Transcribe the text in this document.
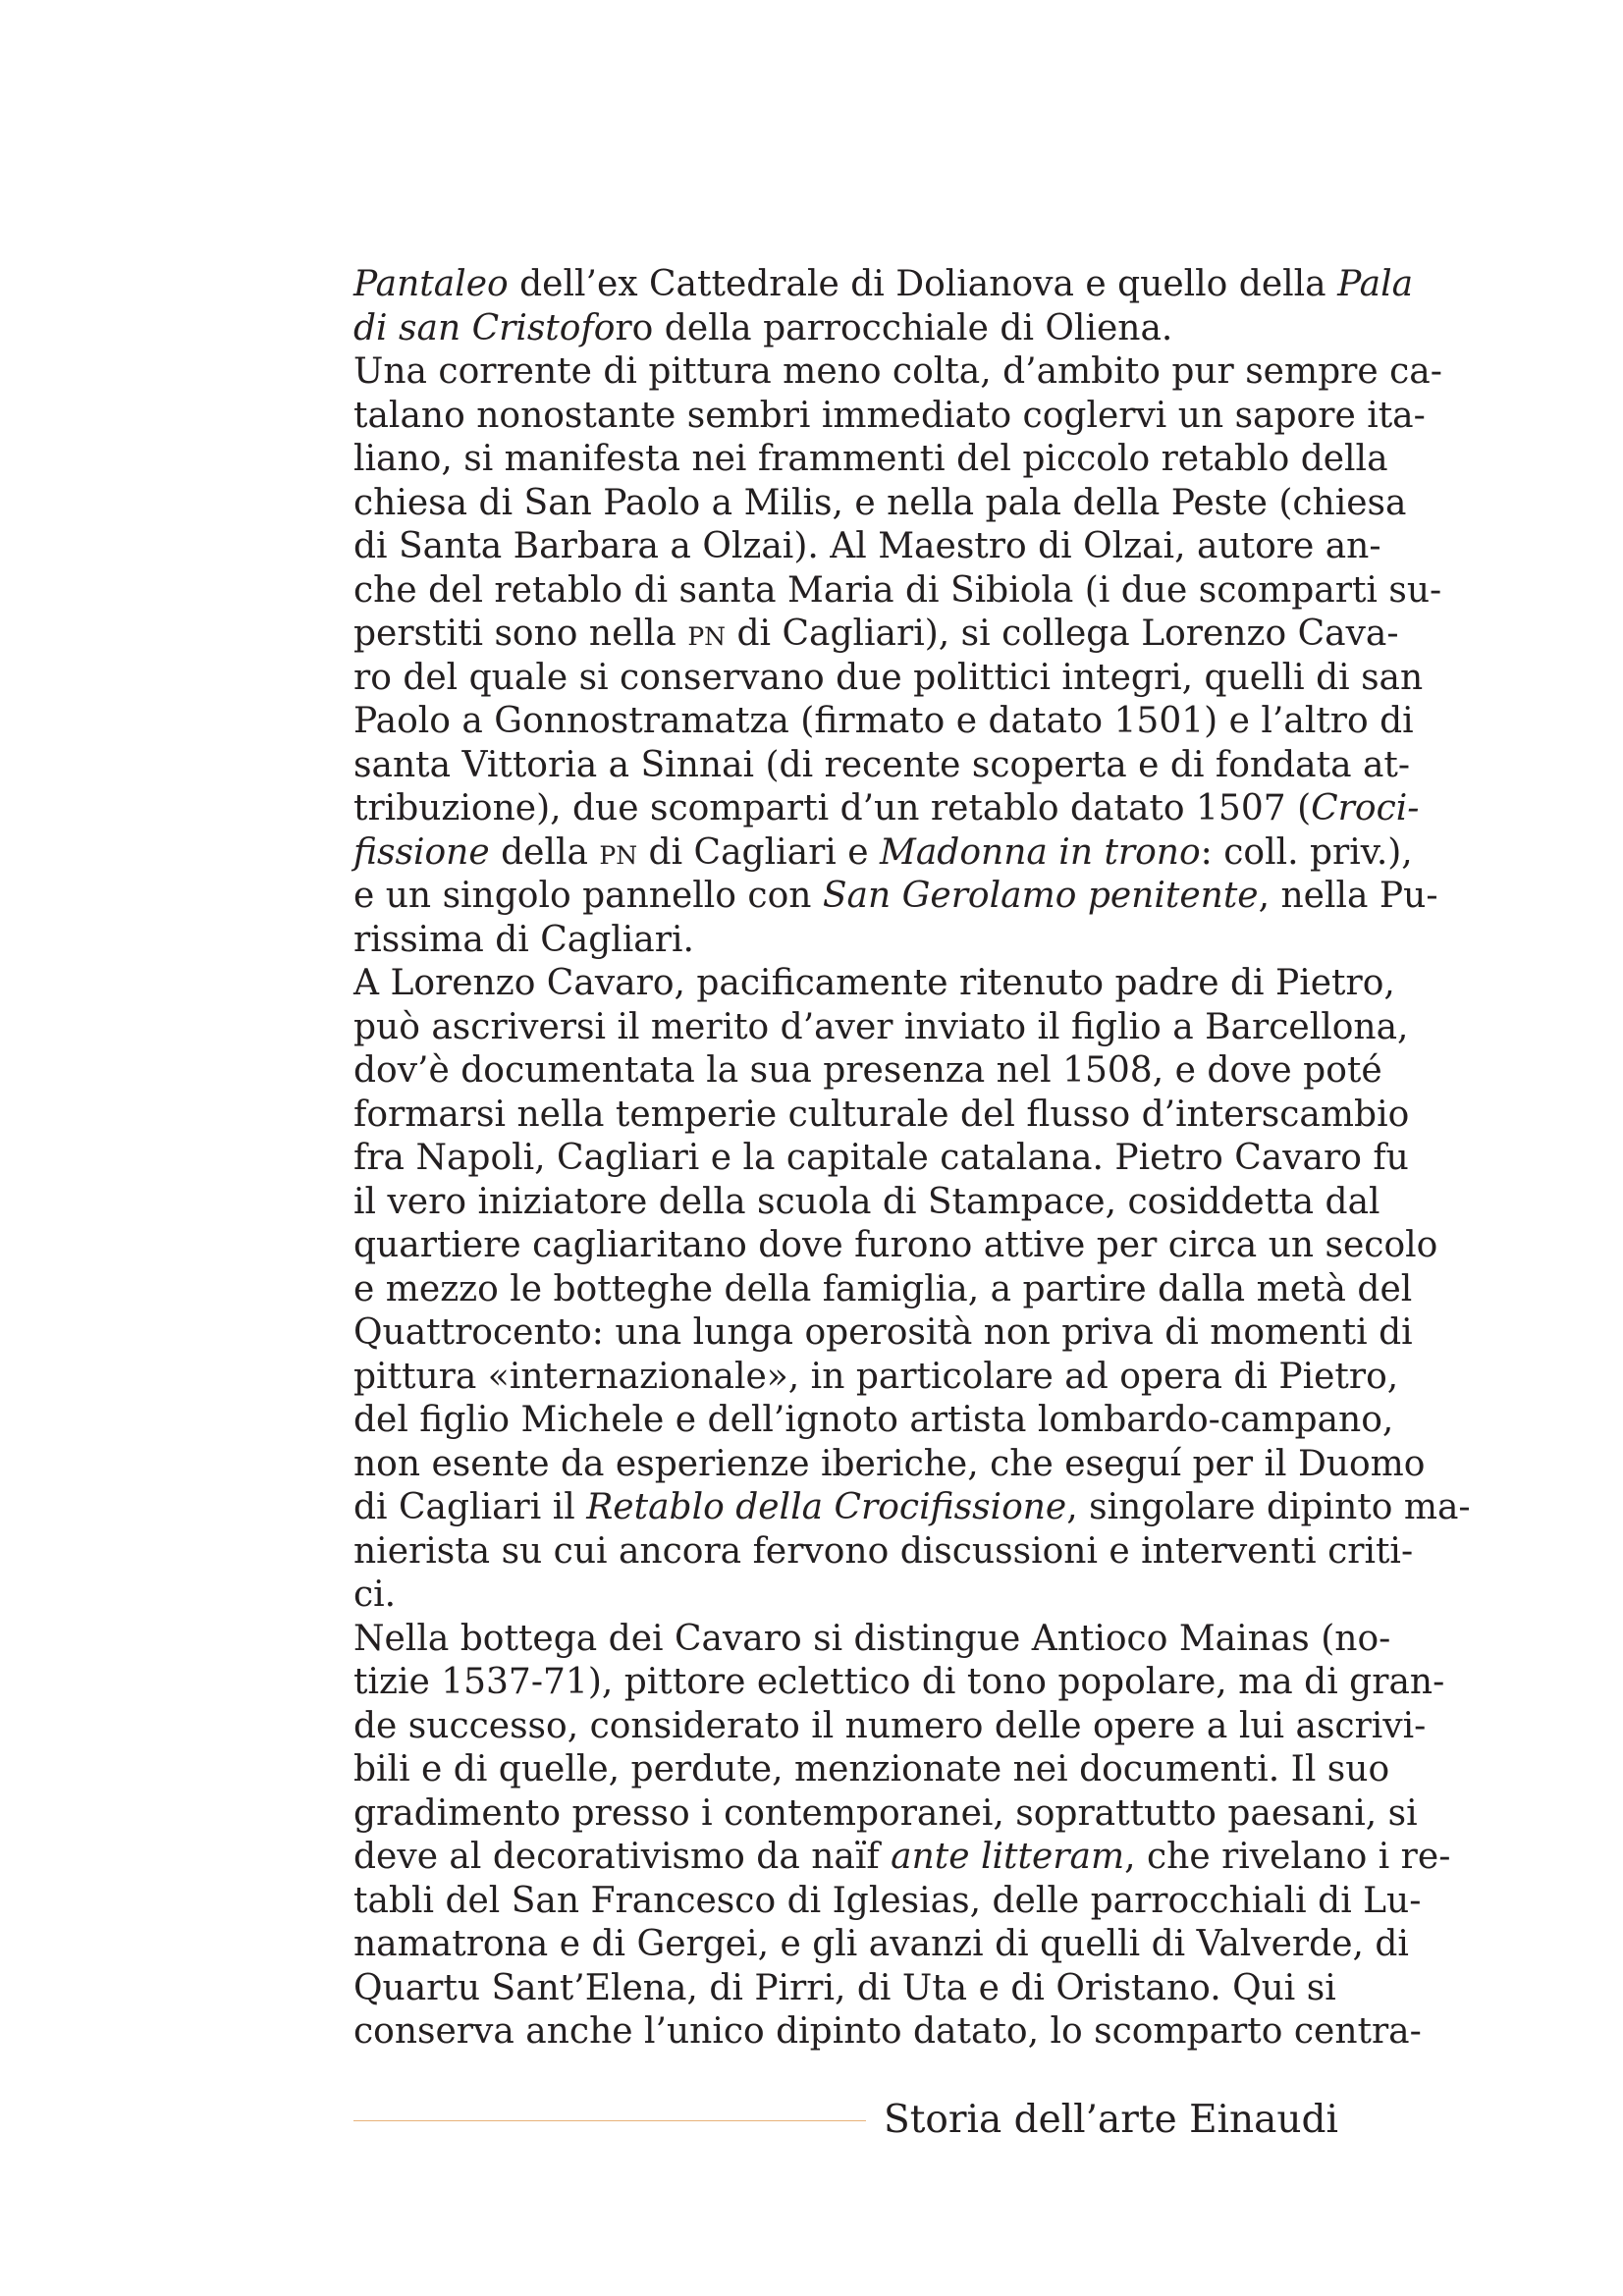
Pantaleo dell’ex Cattedrale di Dolianova e quello della Pala
di san Cristoforo della parrocchiale di Oliena.
Una corrente di pittura meno colta, d’ambito pur sempre ca-
talano nonostante sembri immediato coglervi un sapore ita-
liano, si manifesta nei frammenti del piccolo retablo della
chiesa di San Paolo a Milis, e nella pala della Peste (chiesa
di Santa Barbara a Olzai). Al Maestro di Olzai, autore an-
che del retablo di santa Maria di Sibiola (i due scomparti su-
perstiti sono nella pn di Cagliari), si collega Lorenzo Cava-
ro del quale si conservano due polittici integri, quelli di san
Paolo a Gonnostramatza (firmato e datato 1501) e l’altro di
santa Vittoria a Sinnai (di recente scoperta e di fondata at-
tribuzione), due scomparti d’un retablo datato 1507 (Croci-
fissione della pn di Cagliari e Madonna in trono: coll. priv.),
e un singolo pannello con San Gerolamo penitente, nella Pu-
rissima di Cagliari.
A Lorenzo Cavaro, pacificamente ritenuto padre di Pietro,
può ascriversi il merito d’aver inviato il figlio a Barcellona,
dov’è documentata la sua presenza nel 1508, e dove poté
formarsi nella temperie culturale del flusso d’interscambio
fra Napoli, Cagliari e la capitale catalana. Pietro Cavaro fu
il vero iniziatore della scuola di Stampace, cosiddetta dal
quartiere cagliaritano dove furono attive per circa un secolo
e mezzo le botteghe della famiglia, a partire dalla metà del
Quattrocento: una lunga operosità non priva di momenti di
pittura «internazionale», in particolare ad opera di Pietro,
del figlio Michele e dell’ignoto artista lombardo-campano,
non esente da esperienze iberiche, che eseguí per il Duomo
di Cagliari il Retablo della Crocifissione, singolare dipinto ma-
nierista su cui ancora fervono discussioni e interventi criti-
ci.
Nella bottega dei Cavaro si distingue Antioco Mainas (no-
tizie 1537-71), pittore eclettico di tono popolare, ma di gran-
de successo, considerato il numero delle opere a lui ascrivi-
bili e di quelle, perdute, menzionate nei documenti. Il suo
gradimento presso i contemporanei, soprattutto paesani, si
deve al decorativismo da naïf ante litteram, che rivelano i re-
tabli del San Francesco di Iglesias, delle parrocchiali di Lu-
namatrona e di Gergei, e gli avanzi di quelli di Valverde, di
Quartu Sant’Elena, di Pirri, di Uta e di Oristano. Qui si
conserva anche l’unico dipinto datato, lo scomparto centra-
Storia dell’arte Einaudi
